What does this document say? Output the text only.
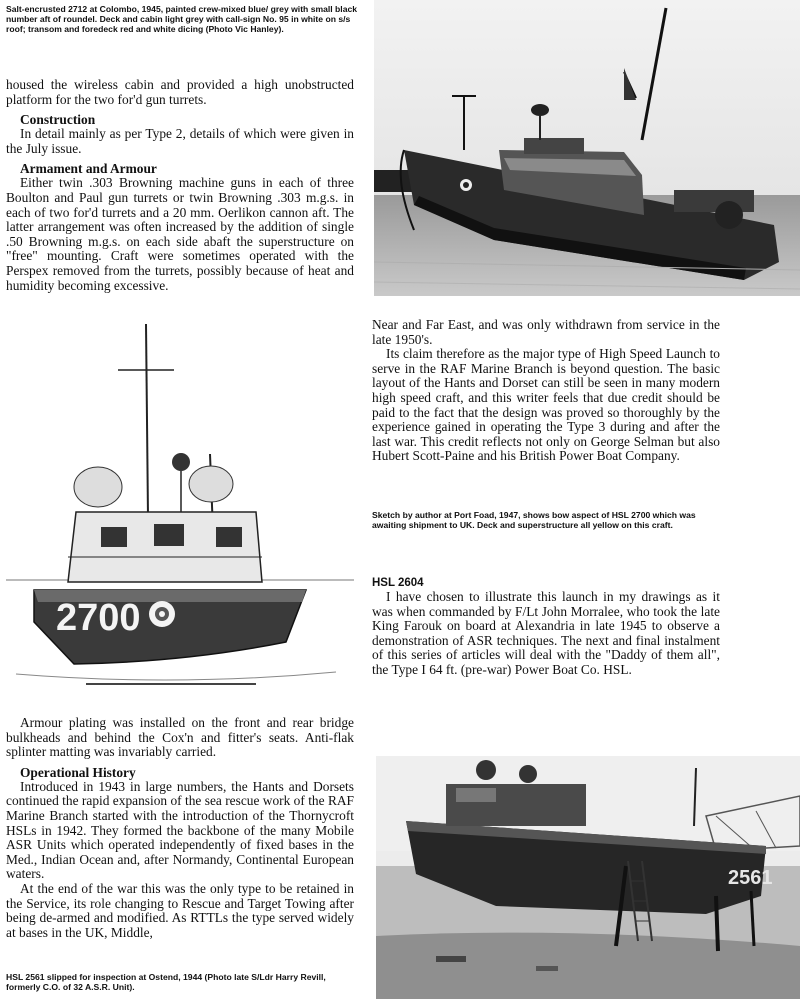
Salt-encrusted 2712 at Colombo, 1945, painted crew-mixed blue/ grey with small black number aft of roundel. Deck and cabin light grey with call-sign No. 95 in white on s/s roof; transom and foredeck red and white dicing (Photo Vic Hanley).

housed the wireless cabin and provided a high unobstructed platform for the two for'd gun turrets.

Construction

In detail mainly as per Type 2, details of which were given in the July issue.

Armament and Armour

Either twin .303 Browning machine guns in each of three Boulton and Paul gun turrets or twin Browning .303 m.g.s. in each of two for'd turrets and a 20 mm. Oerlikon cannon aft. The latter arrangement was often increased by the addition of single .50 Browning m.g.s. on each side abaft the superstructure on "free" mounting. Craft were sometimes operated with the Perspex removed from the turrets, possibly because of heat and humidity becoming excessive.

2700

Armour plating was installed on the front and rear bridge bulkheads and behind the Cox'n and fitter's seats. Anti-flak splinter matting was invariably carried.

Operational History

Introduced in 1943 in large numbers, the Hants and Dorsets continued the rapid expansion of the sea rescue work of the RAF Marine Branch started with the introduction of the Thornycroft HSLs in 1942. They formed the backbone of the many Mobile ASR Units which operated independently of fixed bases in the Med., Indian Ocean and, after Normandy, Continental European waters.

At the end of the war this was the only type to be retained in the Service, its role changing to Rescue and Target Towing after being de-armed and modified. As RTTLs the type served widely at bases in the UK, Middle,

HSL 2561 slipped for inspection at Ostend, 1944 (Photo late S/Ldr Harry Revill, formerly C.O. of 32 A.S.R. Unit).

Near and Far East, and was only withdrawn from service in the late 1950's.

Its claim therefore as the major type of High Speed Launch to serve in the RAF Marine Branch is beyond question. The basic layout of the Hants and Dorset can still be seen in many modern high speed craft, and this writer feels that due credit should be paid to the fact that the design was proved so thoroughly by the experience gained in operating the Type 3 during and after the last war. This credit reflects not only on George Selman but also Hubert Scott-Paine and his British Power Boat Company.

Sketch by author at Port Foad, 1947, shows bow aspect of HSL 2700 which was awaiting shipment to UK. Deck and superstructure all yellow on this craft.

HSL 2604

I have chosen to illustrate this launch in my drawings as it was when commanded by F/Lt John Morralee, who took the late King Farouk on board at Alexandria in late 1945 to observe a demonstration of ASR techniques. The next and final instalment of this series of articles will deal with the "Daddy of them all", the Type I 64 ft. (pre-war) Power Boat Co. HSL.

2561
